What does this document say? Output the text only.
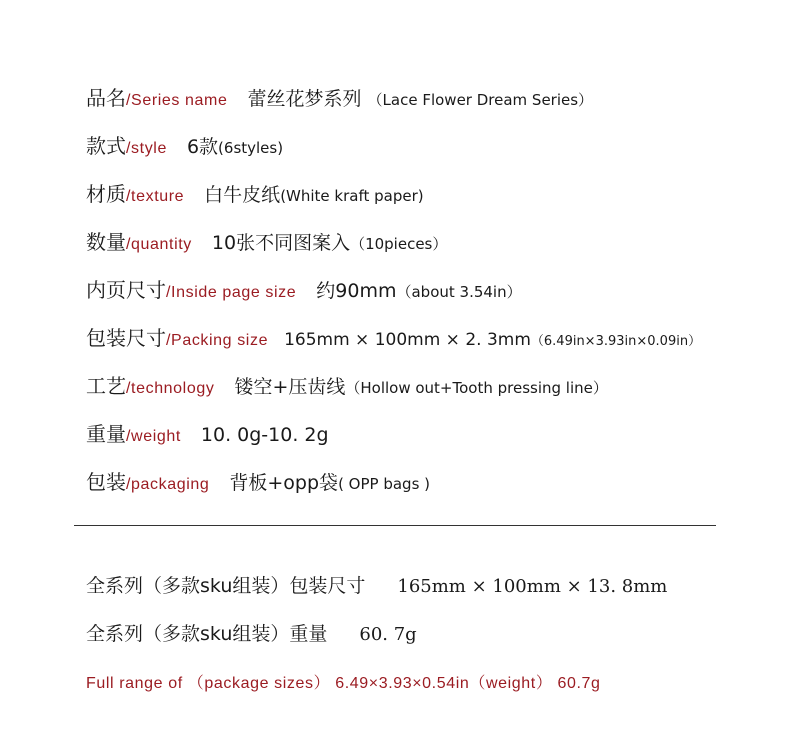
品名/Series name 蕾丝花梦系列 （Lace Flower Dream Series）
款式/style 6款(6styles)
材质/texture 白牛皮纸(White kraft paper)
数量/quantity 10张不同图案入（10pieces）
内页尺寸/Inside page size 约90mm（about 3.54in）
包装尺寸/Packing size 165mm × 100mm × 2. 3mm（6.49in×3.93in×0.09in）
工艺/technology 镂空+压齿线（Hollow out+Tooth pressing line）
重量/weight 10. 0g-10. 2g
包装/packaging 背板+opp袋( OPP bags )
全系列（多款sku组装）包装尺寸 165mm × 100mm × 13. 8mm
全系列（多款sku组装）重量 60. 7g
Full range of （package sizes） 6.49×3.93×0.54in（weight） 60.7g
